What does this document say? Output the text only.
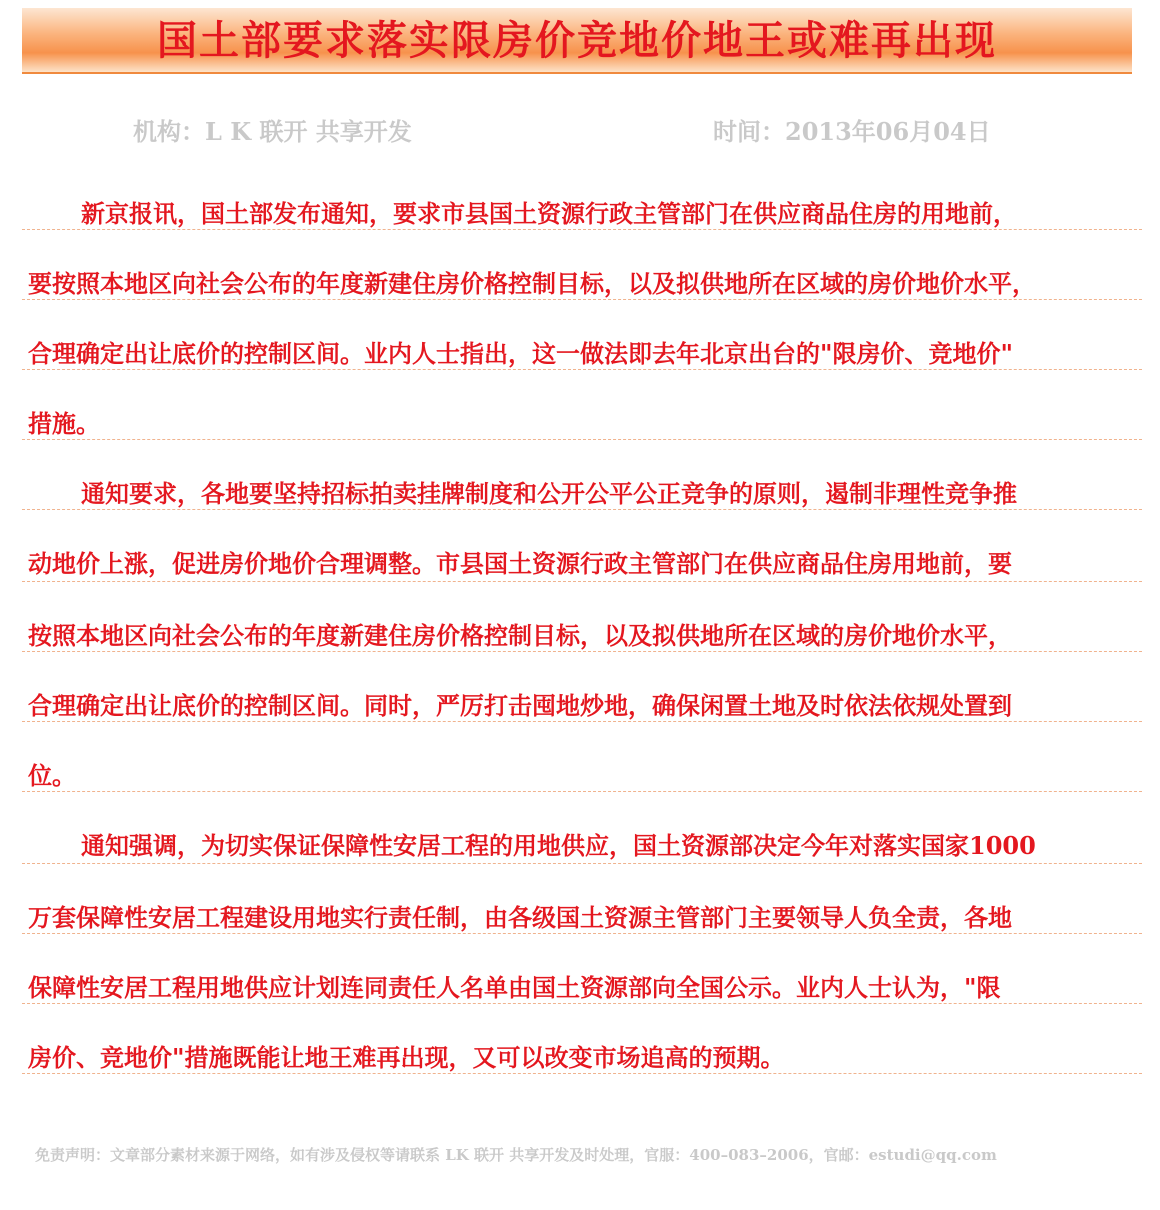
国土部要求落实限房价竞地价地王或难再出现
机构：L K 联开 共享开发	时间：2013年06月04日
新京报讯，国土部发布通知，要求市县国土资源行政主管部门在供应商品住房的用地前，
要按照本地区向社会公布的年度新建住房价格控制目标，以及拟供地所在区域的房价地价水平，
合理确定出让底价的控制区间。业内人士指出，这一做法即去年北京出台的"限房价、竞地价"
措施。
通知要求，各地要坚持招标拍卖挂牌制度和公开公平公正竞争的原则，遏制非理性竞争推
动地价上涨，促进房价地价合理调整。市县国土资源行政主管部门在供应商品住房用地前，要
按照本地区向社会公布的年度新建住房价格控制目标，以及拟供地所在区域的房价地价水平，
合理确定出让底价的控制区间。同时，严厉打击囤地炒地，确保闲置土地及时依法依规处置到
位。
通知强调，为切实保证保障性安居工程的用地供应，国土资源部决定今年对落实国家1000
万套保障性安居工程建设用地实行责任制，由各级国土资源主管部门主要领导人负全责，各地
保障性安居工程用地供应计划连同责任人名单由国土资源部向全国公示。业内人士认为，"限
房价、竞地价"措施既能让地王难再出现，又可以改变市场追高的预期。
免责声明：文章部分素材来源于网络，如有涉及侵权等请联系 LK 联开 共享开发及时处理，官服：400–083–2006，官邮：estudi@qq.com
